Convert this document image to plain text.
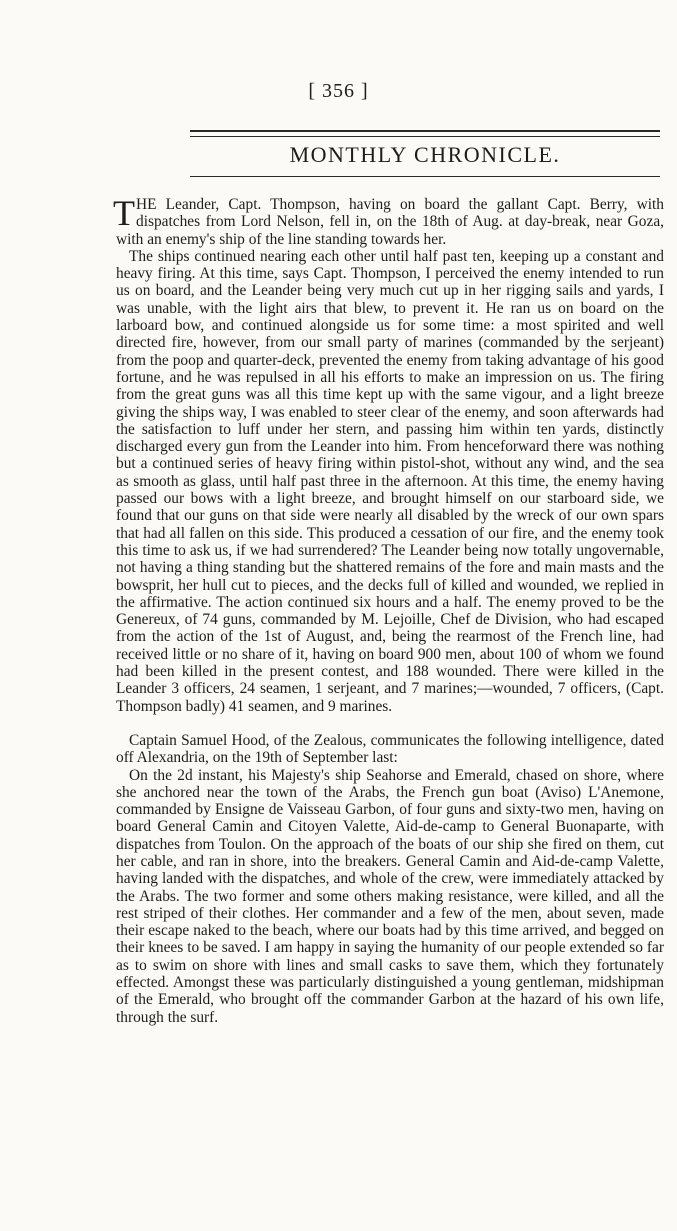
[ 356 ]
MONTHLY CHRONICLE.

THE Leander, Capt. Thompson, having on board the gallant Capt. Berry, with dispatches from Lord Nelson, fell in, on the 18th of Aug. at day-break, near Goza, with an enemy's ship of the line standing towards her.

The ships continued nearing each other until half past ten, keeping up a constant and heavy firing. At this time, says Capt. Thompson, I perceived the enemy intended to run us on board, and the Leander being very much cut up in her rigging sails and yards, I was unable, with the light airs that blew, to prevent it. He ran us on board on the larboard bow, and continued alongside us for some time: a most spirited and well directed fire, however, from our small party of marines (commanded by the serjeant) from the poop and quarter-deck, prevented the enemy from taking advantage of his good fortune, and he was repulsed in all his efforts to make an impression on us. The firing from the great guns was all this time kept up with the same vigour, and a light breeze giving the ships way, I was enabled to steer clear of the enemy, and soon afterwards had the satisfaction to luff under her stern, and passing him within ten yards, distinctly discharged every gun from the Leander into him. From henceforward there was nothing but a continued series of heavy firing within pistol-shot, without any wind, and the sea as smooth as glass, until half past three in the afternoon. At this time, the enemy having passed our bows with a light breeze, and brought himself on our starboard side, we found that our guns on that side were nearly all disabled by the wreck of our own spars that had all fallen on this side. This produced a cessation of our fire, and the enemy took this time to ask us, if we had surrendered? The Leander being now totally ungovernable, not having a thing standing but the shattered remains of the fore and main masts and the bowsprit, her hull cut to pieces, and the decks full of killed and wounded, we replied in the affirmative. The action continued six hours and a half. The enemy proved to be the Genereux, of 74 guns, commanded by M. Lejoille, Chef de Division, who had escaped from the action of the 1st of August, and, being the rearmost of the French line, had received little or no share of it, having on board 900 men, about 100 of whom we found had been killed in the present contest, and 188 wounded. There were killed in the Leander 3 officers, 24 seamen, 1 serjeant, and 7 marines;—wounded, 7 officers, (Capt. Thompson badly) 41 seamen, and 9 marines.

Captain Samuel Hood, of the Zealous, communicates the following intelligence, dated off Alexandria, on the 19th of September last:

On the 2d instant, his Majesty's ship Seahorse and Emerald, chased on shore, where she anchored near the town of the Arabs, the French gun boat (Aviso) L'Anemone, commanded by Ensigne de Vaisseau Garbon, of four guns and sixty-two men, having on board General Camin and Citoyen Valette, Aid-de-camp to General Buonaparte, with dispatches from Toulon. On the approach of the boats of our ship she fired on them, cut her cable, and ran in shore, into the breakers. General Camin and Aid-de-camp Valette, having landed with the dispatches, and whole of the crew, were immediately attacked by the Arabs. The two former and some others making resistance, were killed, and all the rest striped of their clothes. Her commander and a few of the men, about seven, made their escape naked to the beach, where our boats had by this time arrived, and begged on their knees to be saved. I am happy in saying the humanity of our people extended so far as to swim on shore with lines and small casks to save them, which they fortunately effected. Amongst these was particularly distinguished a young gentleman, midshipman of the Emerald, who brought off the commander Garbon at the hazard of his own life, through the surf.
